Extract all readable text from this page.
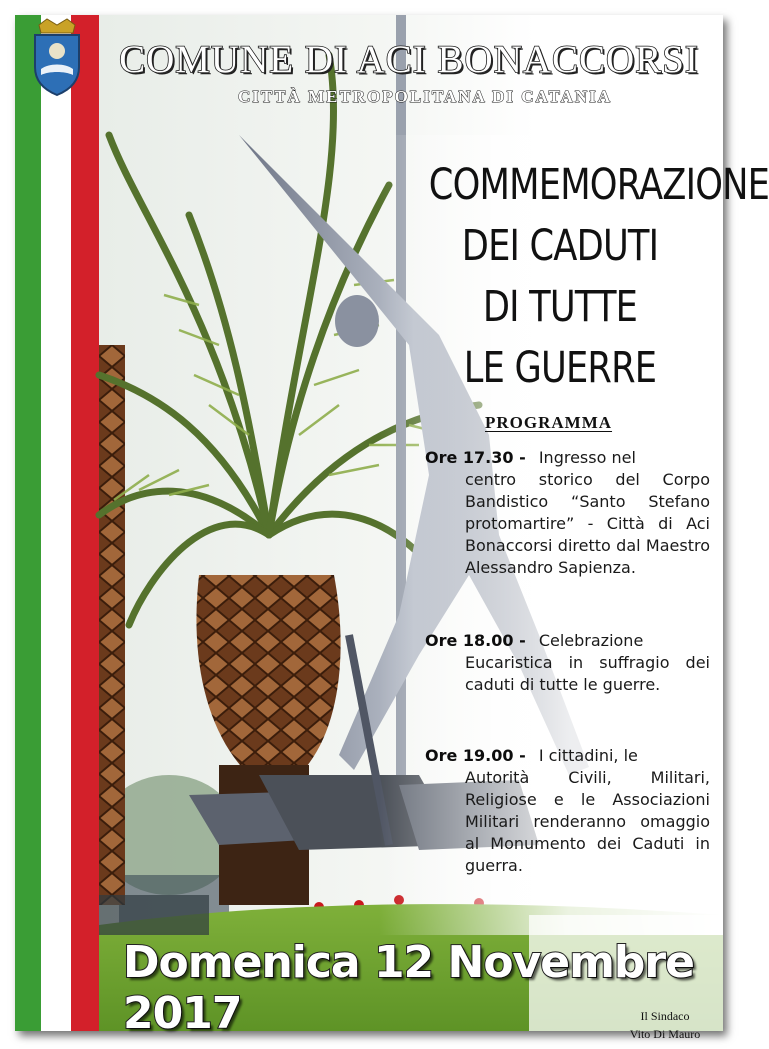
COMUNE DI ACI BONACCORSI
CITTÀ METROPOLITANA DI CATANIA
COMMEMORAZIONE
DEI CADUTI
DI TUTTE
LE GUERRE
PROGRAMMA
Ore 17.30 - Ingresso nel
centro storico del Corpo Bandistico “Santo Stefano protomartire” - Città di Aci Bonaccorsi diretto dal Maestro Alessandro Sapienza.
Ore 18.00 - Celebrazione
Eucaristica in suffragio dei caduti di tutte le guerre.
Ore 19.00 - I cittadini, le
Autorità Civili, Militari, Religiose e le Associazioni Militari renderanno omaggio al Monumento dei Caduti in guerra.
Domenica 12 Novembre 2017	Il Sindaco
Vito Di Mauro
